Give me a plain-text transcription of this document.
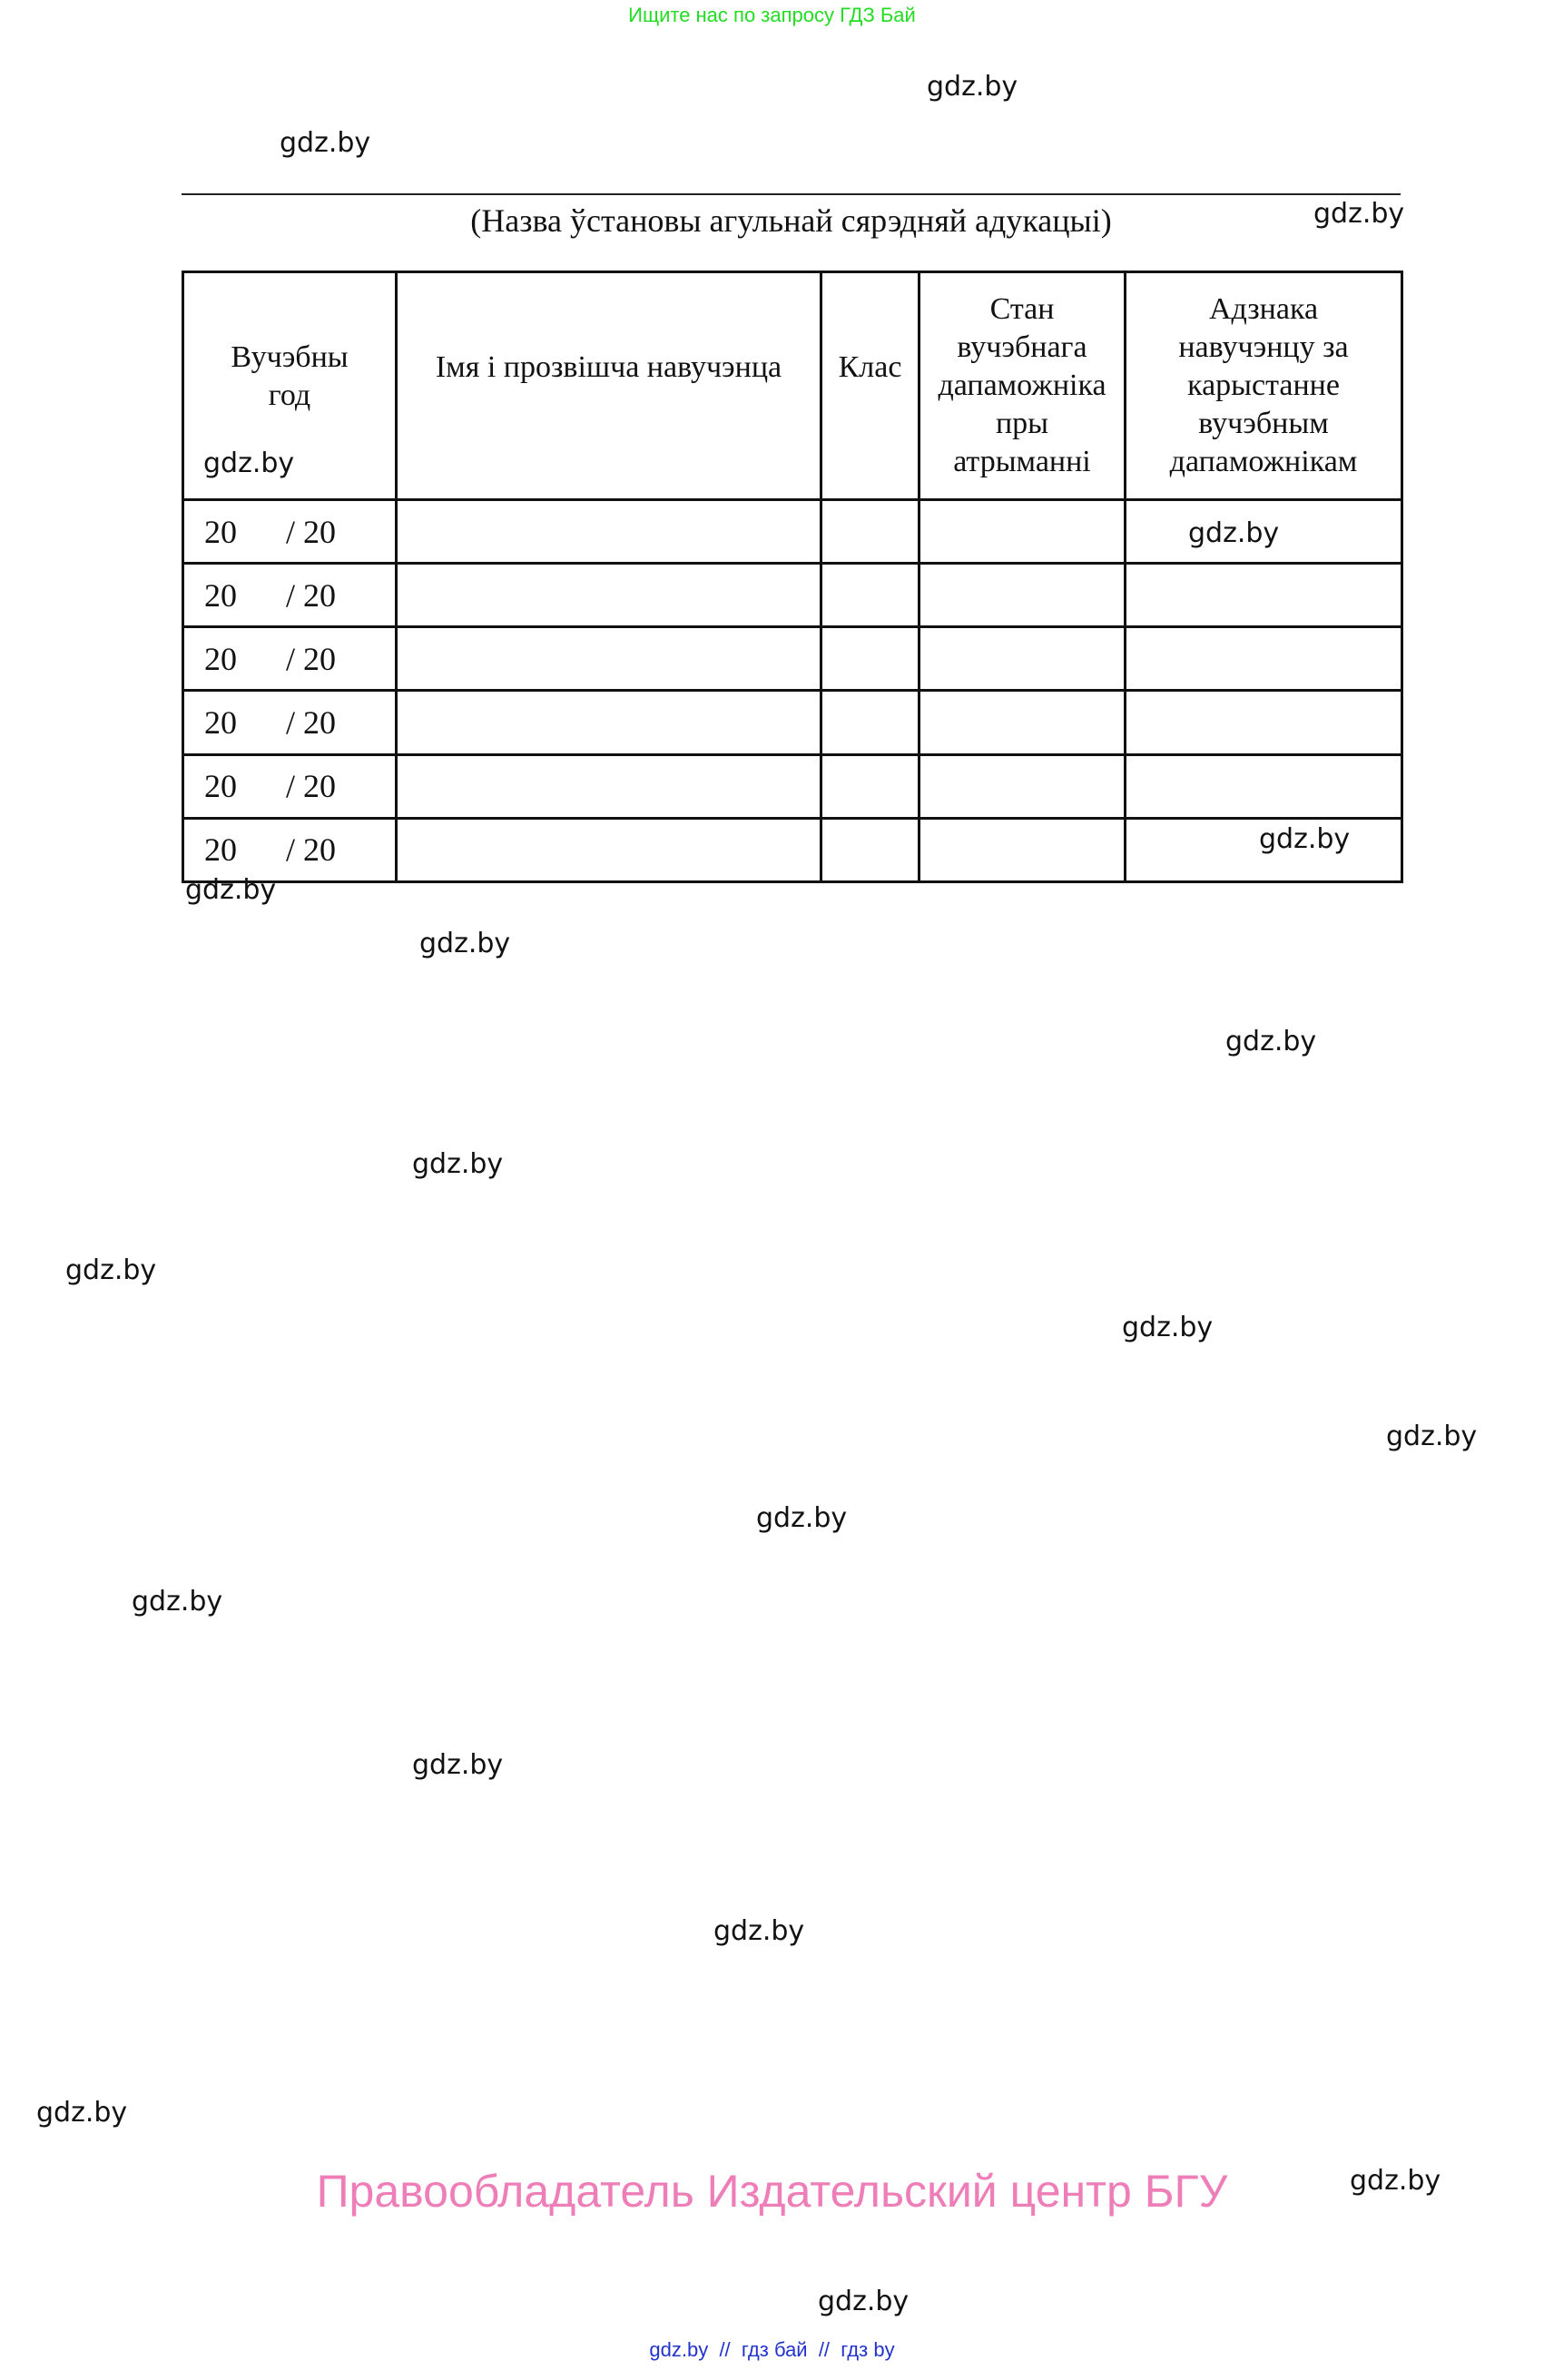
Ищите нас по запросу ГДЗ Бай
gdz.by
gdz.by
gdz.by
(Назва ўстановы агульнай сярэдняй адукацыі)
Вучэбны год	Імя і прозвішча навучэнца	Клас	Стан вучэбнага дапаможніка пры атрыманні	Адзнака навучэнцу за карыстанне вучэбным дапаможнікам

20 / 20				
20 / 20				
20 / 20				
20 / 20				
20 / 20				
20 / 20				
gdz.by
gdz.by
gdz.by
gdz.by
gdz.by
gdz.by
gdz.by
gdz.by
gdz.by
gdz.by
gdz.by
gdz.by
gdz.by
gdz.by
gdz.by
gdz.by
gdz.by
Правообладатель Издательский центр БГУ
gdz.by  //  гдз бай  //  гдз by
